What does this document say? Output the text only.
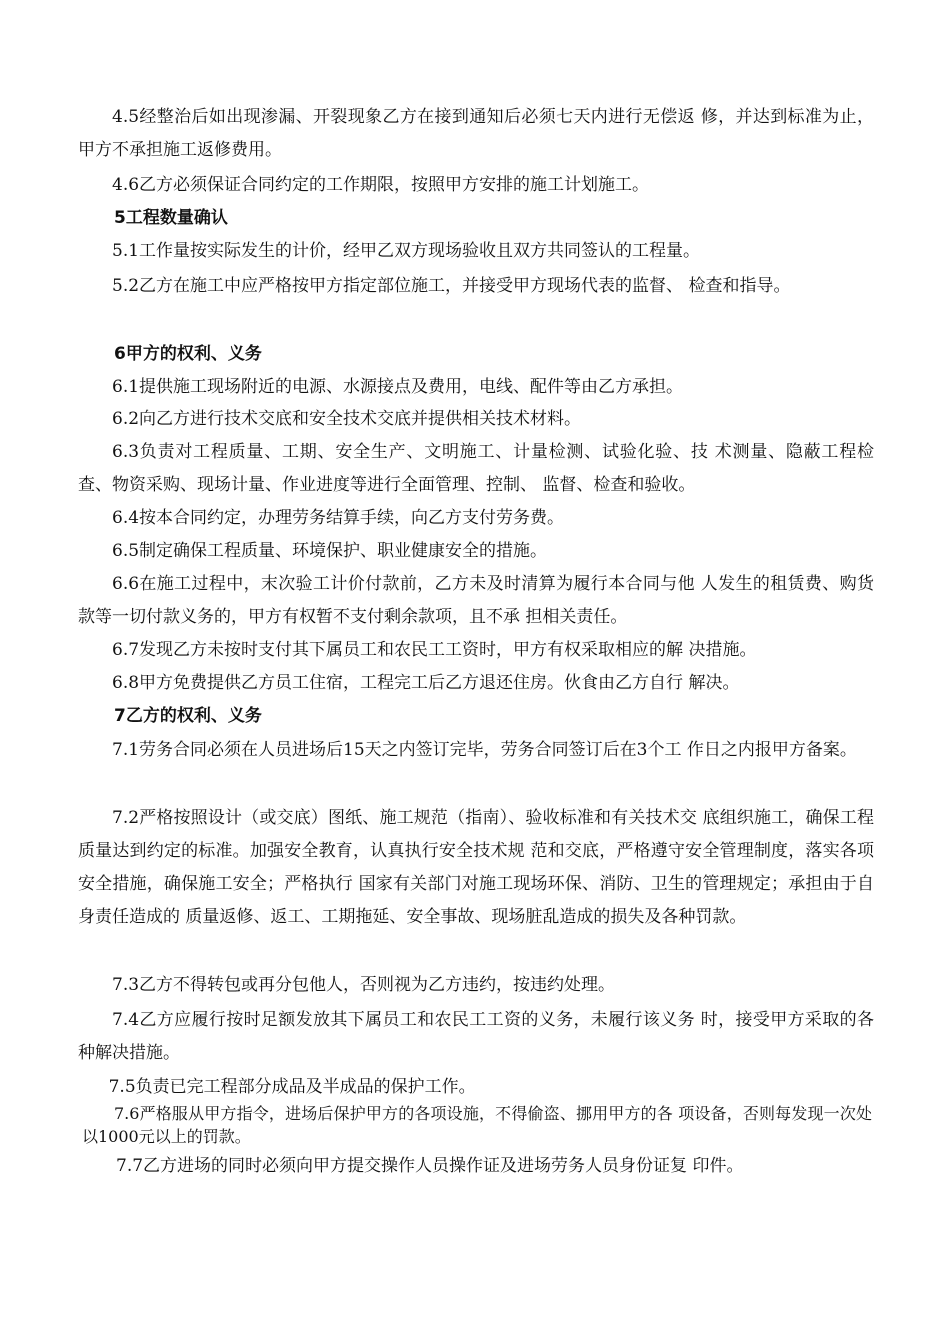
4.5经整治后如出现渗漏、开裂现象乙方在接到通知后必须七天内进行无偿返 修，并达到标准为止，甲方不承担施工返修费用。
4.6乙方必须保证合同约定的工作期限，按照甲方安排的施工计划施工。
5工程数量确认
5.1工作量按实际发生的计价，经甲乙双方现场验收且双方共同签认的工程量。
5.2乙方在施工中应严格按甲方指定部位施工，并接受甲方现场代表的监督、 检查和指导。
6甲方的权利、义务
6.1提供施工现场附近的电源、水源接点及费用，电线、配件等由乙方承担。
6.2向乙方进行技术交底和安全技术交底并提供相关技术材料。
6.3负责对工程质量、工期、安全生产、文明施工、计量检测、试验化验、技 术测量、隐蔽工程检查、物资采购、现场计量、作业进度等进行全面管理、控制、 监督、检查和验收。
6.4按本合同约定，办理劳务结算手续，向乙方支付劳务费。
6.5制定确保工程质量、环境保护、职业健康安全的措施。
6.6在施工过程中，末次验工计价付款前，乙方未及时清算为履行本合同与他 人发生的租赁费、购货款等一切付款义务的，甲方有权暂不支付剩余款项，且不承 担相关责任。
6.7发现乙方未按时支付其下属员工和农民工工资时，甲方有权采取相应的解 决措施。
6.8甲方免费提供乙方员工住宿，工程完工后乙方退还住房。伙食由乙方自行 解决。
7乙方的权利、义务
7.1劳务合同必须在人员进场后15天之内签订完毕，劳务合同签订后在3个工 作日之内报甲方备案。
7.2严格按照设计（或交底）图纸、施工规范（指南）、验收标准和有关技术交 底组织施工，确保工程质量达到约定的标准。加强安全教育，认真执行安全技术规 范和交底，严格遵守安全管理制度，落实各项安全措施，确保施工安全；严格执行 国家有关部门对施工现场环保、消防、卫生的管理规定；承担由于自身责任造成的 质量返修、返工、工期拖延、安全事故、现场脏乱造成的损失及各种罚款。
7.3乙方不得转包或再分包他人，否则视为乙方违约，按违约处理。
7.4乙方应履行按时足额发放其下属员工和农民工工资的义务，未履行该义务 时，接受甲方采取的各种解决措施。
7.5负责已完工程部分成品及半成品的保护工作。
7.6严格服从甲方指令，进场后保护甲方的各项设施，不得偷盗、挪用甲方的各 项设备，否则每发现一次处以1000元以上的罚款。
7.7乙方进场的同时必须向甲方提交操作人员操作证及进场劳务人员身份证复 印件。
